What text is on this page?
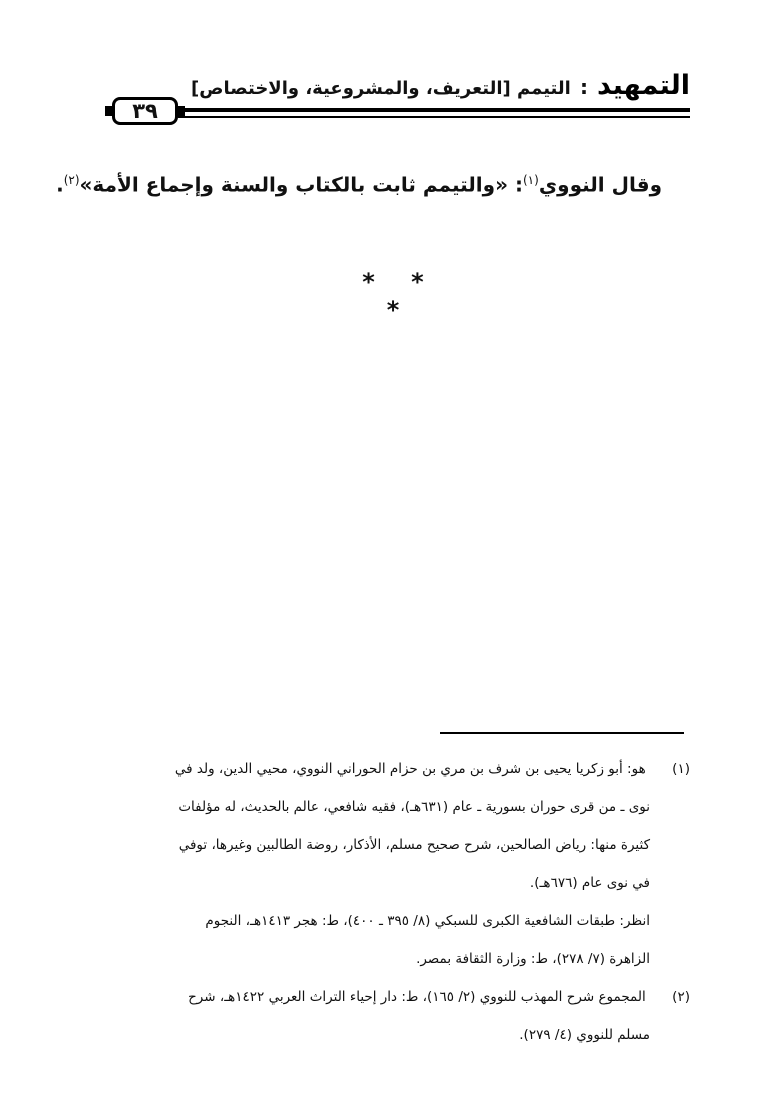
التمهيد : التيمم [التعريف، والمشروعية، والاختصاص]
٣٩
وقال النووي$^{(١)}$: «والتيمم ثابت بالكتاب والسنة وإجماع الأمة»$^{(٢)}$.
* * *
(١) هو: أبو زكريا يحيى بن شرف بن مري بن حزام الحوراني النووي، محيي الدين، ولد في
نوى ـ من قرى حوران بسورية ـ عام (٦٣١هـ)، فقيه شافعي، عالم بالحديث، له مؤلفات
كثيرة منها: رياض الصالحين، شرح صحيح مسلم، الأذكار، روضة الطالبين وغيرها، توفي
في نوى عام (٦٧٦هـ).
انظر: طبقات الشافعية الكبرى للسبكي (٨/ ٣٩٥ ـ ٤٠٠)، ط: هجر ١٤١٣هـ، النجوم
الزاهرة (٧/ ٢٧٨)، ط: وزارة الثقافة بمصر.
(٢) المجموع شرح المهذب للنووي (٢/ ١٦٥)، ط: دار إحياء التراث العربي ١٤٢٢هـ، شرح
مسلم للنووي (٤/ ٢٧٩).
